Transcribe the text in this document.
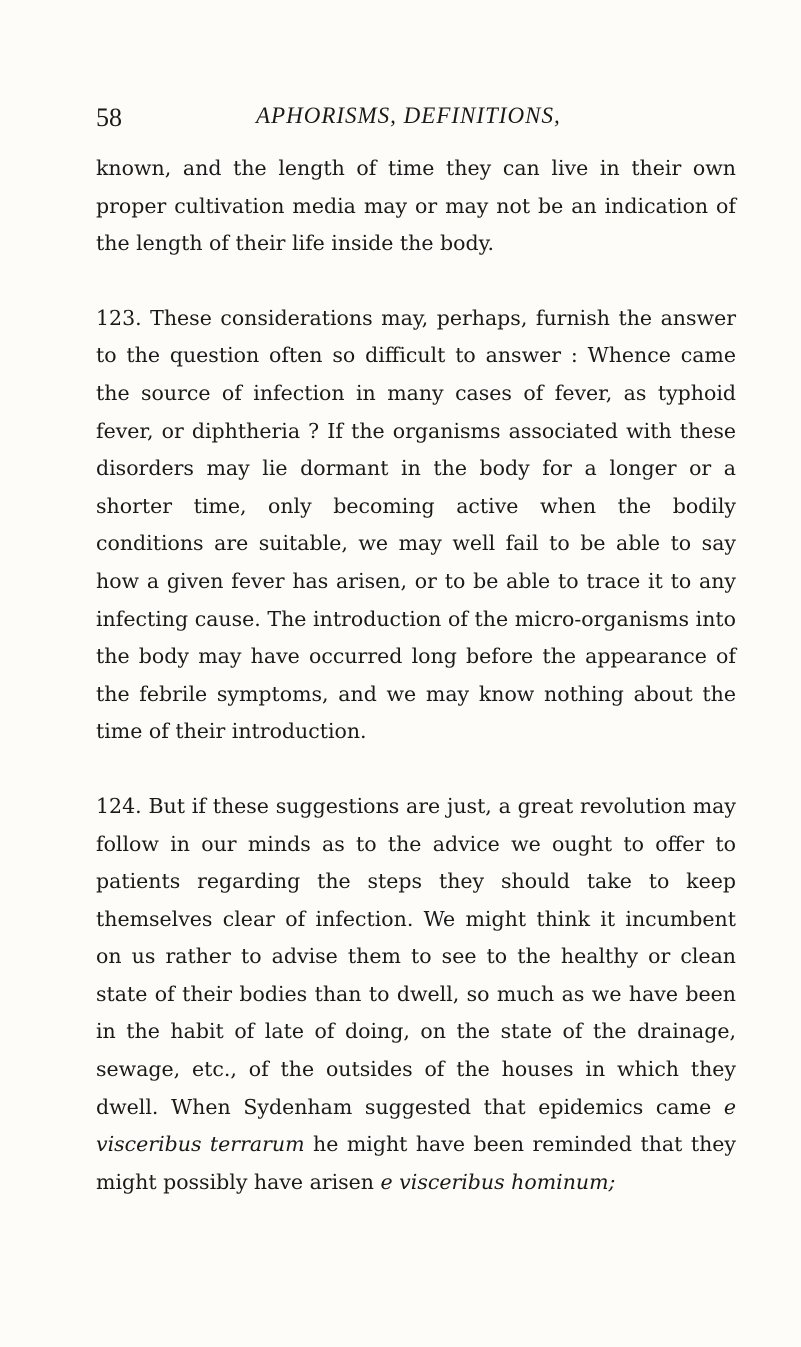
58	APHORISMS, DEFINITIONS,

known, and the length of time they can live in their own proper cultivation media may or may not be an indication of the length of their life inside the body.

123. These considerations may, perhaps, furnish the answer to the question often so difficult to answer : Whence came the source of infection in many cases of fever, as typhoid fever, or diphtheria ? If the organisms associated with these disorders may lie dormant in the body for a longer or a shorter time, only becoming active when the bodily conditions are suitable, we may well fail to be able to say how a given fever has arisen, or to be able to trace it to any infecting cause. The introduction of the micro-organisms into the body may have occurred long before the appearance of the febrile symptoms, and we may know nothing about the time of their introduction.

124. But if these suggestions are just, a great revolution may follow in our minds as to the advice we ought to offer to patients regarding the steps they should take to keep themselves clear of infection. We might think it incumbent on us rather to advise them to see to the healthy or clean state of their bodies than to dwell, so much as we have been in the habit of late of doing, on the state of the drainage, sewage, etc., of the outsides of the houses in which they dwell. When Sydenham suggested that epidemics came e visceribus terrarum he might have been reminded that they might possibly have arisen e visceribus hominum;
